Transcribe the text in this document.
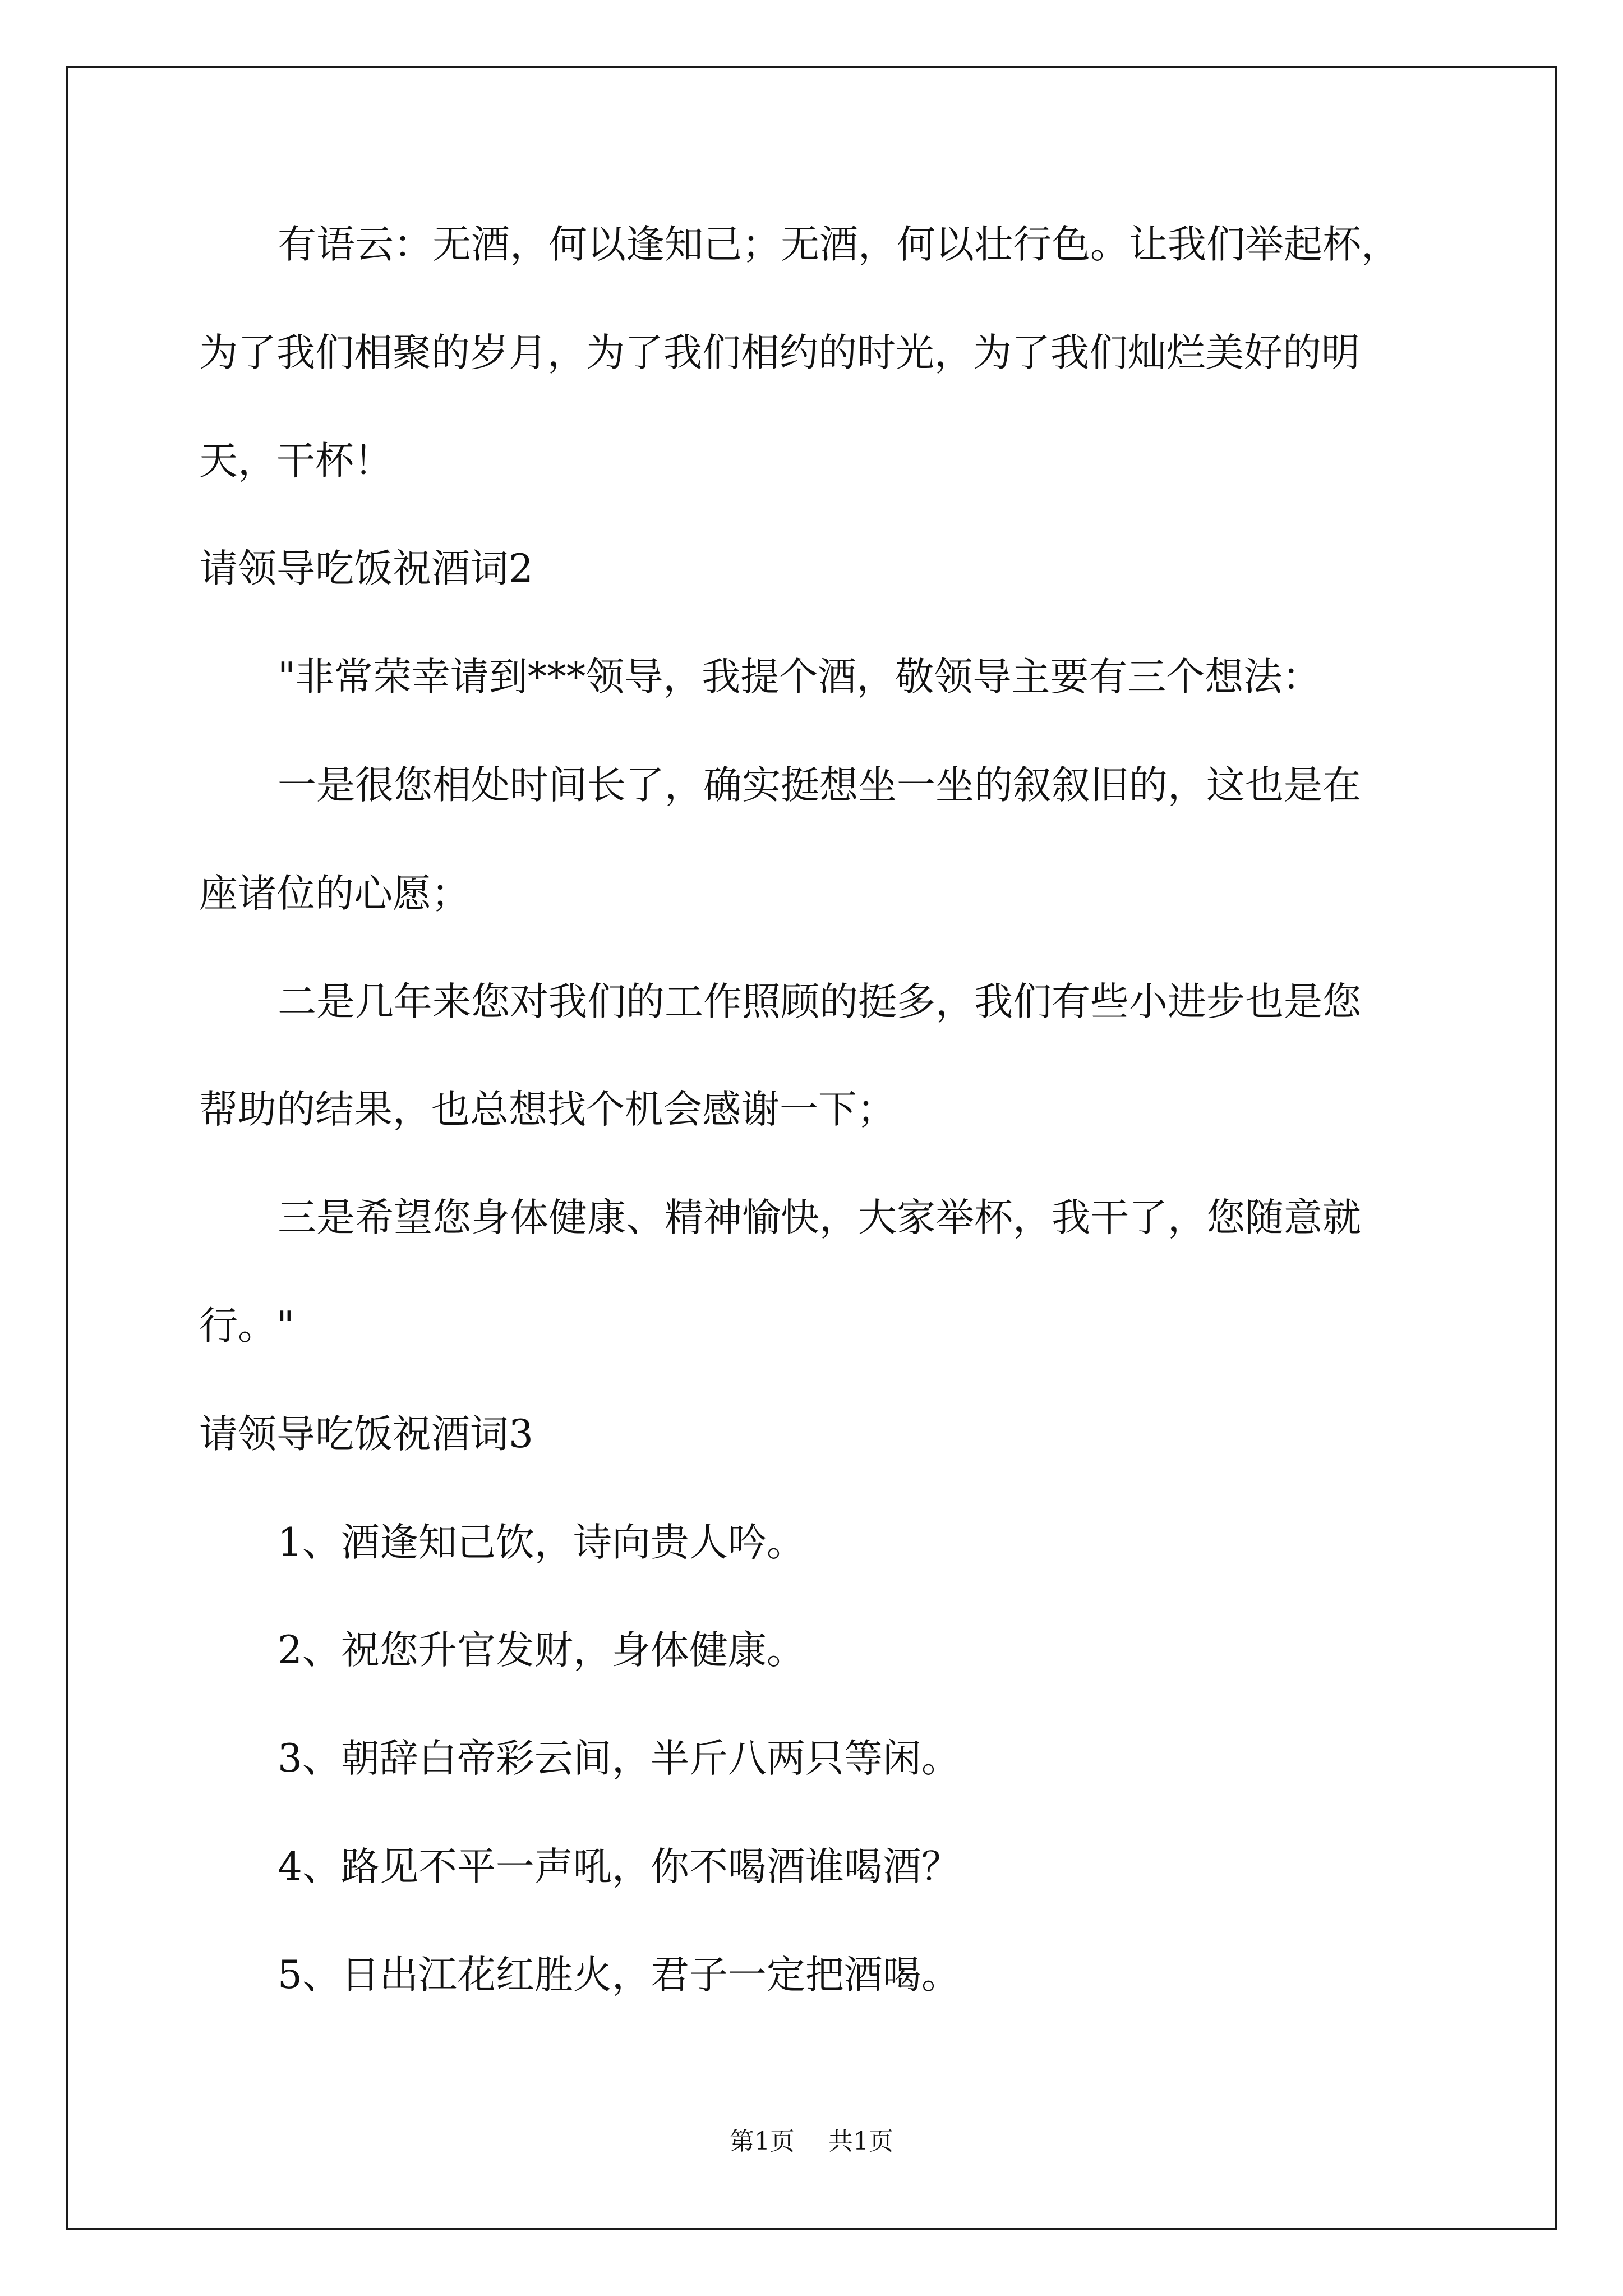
有语云：无酒，何以逢知己；无酒，何以壮行色。让我们举起杯，

为了我们相聚的岁月，为了我们相约的时光，为了我们灿烂美好的明

天，干杯！

请领导吃饭祝酒词2

"非常荣幸请到***领导，我提个酒，敬领导主要有三个想法：

一是很您相处时间长了，确实挺想坐一坐的叙叙旧的，这也是在

座诸位的心愿；

二是几年来您对我们的工作照顾的挺多，我们有些小进步也是您

帮助的结果，也总想找个机会感谢一下；

三是希望您身体健康、精神愉快，大家举杯，我干了，您随意就

行。"

请领导吃饭祝酒词3

1、酒逢知己饮，诗向贵人吟。

2、祝您升官发财，身体健康。

3、朝辞白帝彩云间，半斤八两只等闲。

4、路见不平一声吼，你不喝酒谁喝酒？

5、日出江花红胜火，君子一定把酒喝。

第1页 共1页
